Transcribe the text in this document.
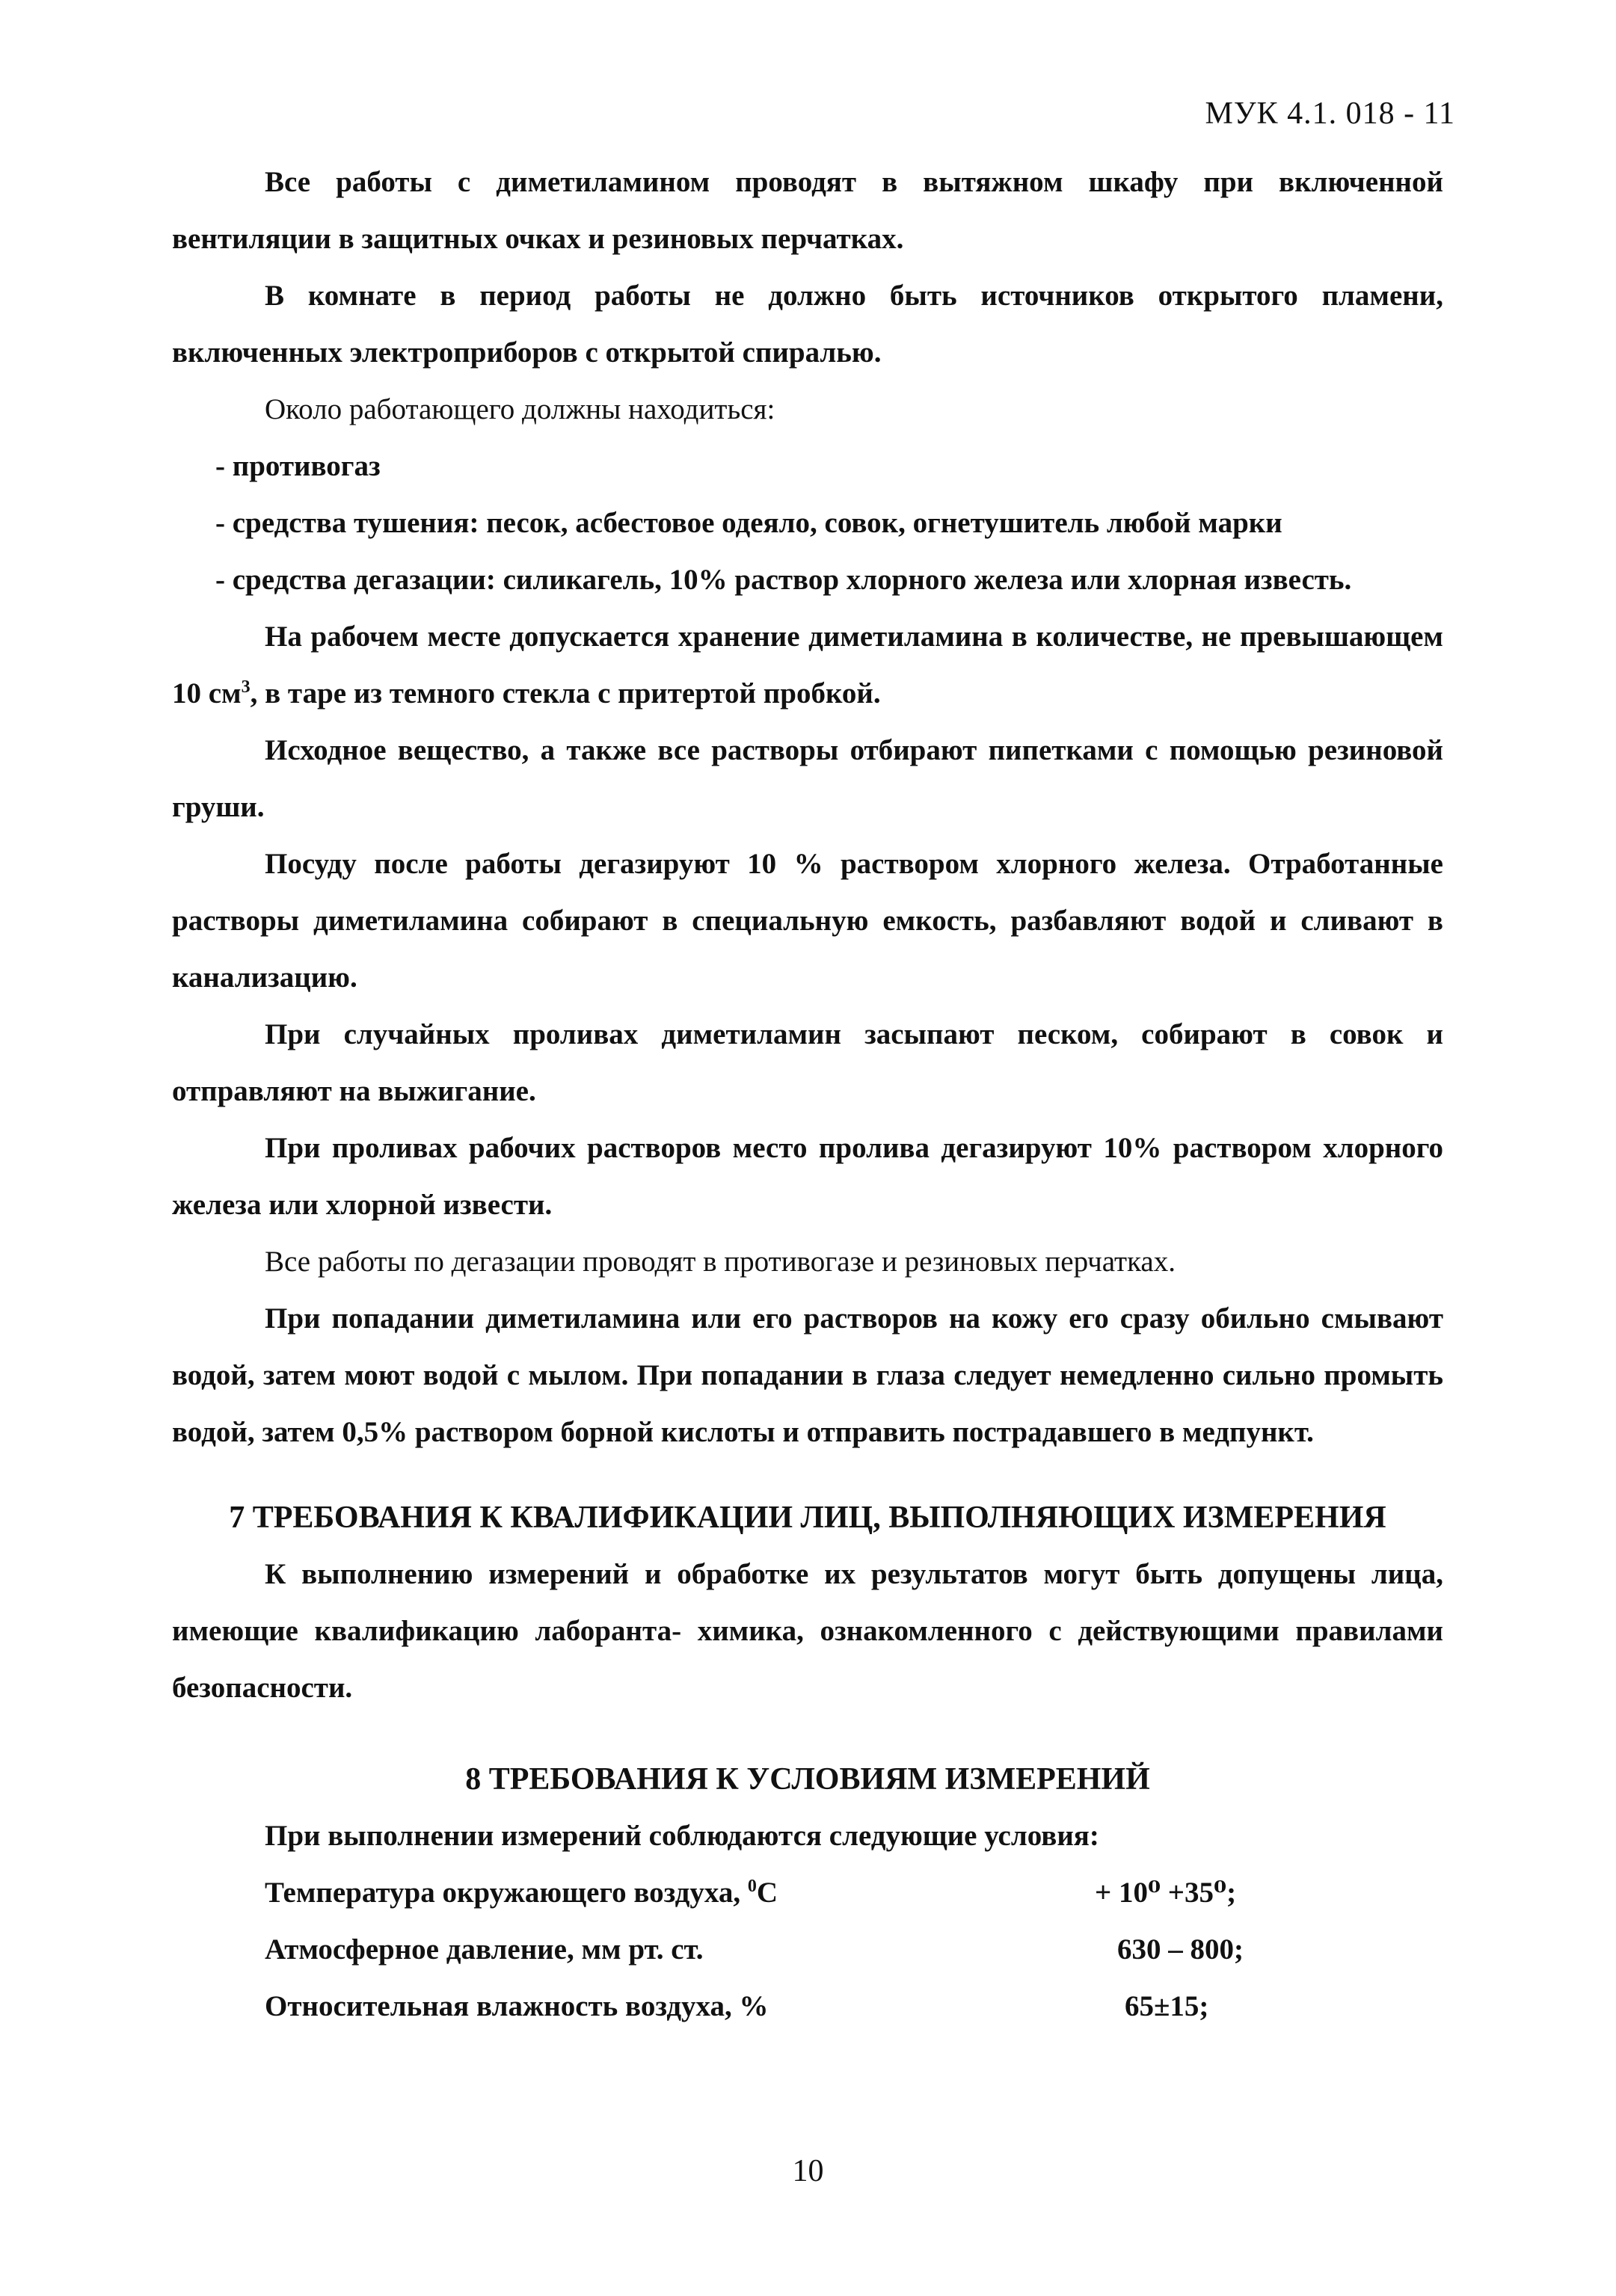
МУК 4.1. 018 - 11

Все работы с диметиламином проводят в вытяжном шкафу при включенной вентиляции в защитных очках и резиновых перчатках.

В комнате в период работы не должно быть источников открытого пламени, включенных электроприборов с открытой спиралью.

Около работающего должны находиться:

- противогаз

- средства тушения: песок, асбестовое одеяло, совок, огнетушитель любой марки

- средства дегазации: силикагель, 10% раствор хлорного железа или хлорная известь.

На рабочем месте допускается хранение диметиламина в количестве, не превышающем 10 $см^3$, в таре из темного стекла с притертой пробкой.

Исходное вещество, а также все растворы отбирают пипетками с помощью резиновой груши.

Посуду после работы дегазируют 10 % раствором хлорного железа. Отработанные растворы диметиламина собирают в специальную емкость, разбавляют водой и сливают в канализацию.

При случайных проливах диметиламин засыпают песком, собирают в совок и отправляют на выжигание.

При проливах рабочих растворов место пролива дегазируют 10% раствором хлорного железа или хлорной извести.

Все работы по дегазации проводят в противогазе и резиновых перчатках.

При попадании диметиламина или его растворов на кожу его сразу обильно смывают водой, затем моют водой с мылом. При попадании в глаза следует немедленно сильно промыть водой, затем 0,5% раствором борной кислоты и отправить пострадавшего в медпункт.

7 ТРЕБОВАНИЯ К КВАЛИФИКАЦИИ ЛИЦ, ВЫПОЛНЯЮЩИХ ИЗМЕРЕНИЯ

К выполнению измерений и обработке их результатов могут быть допущены лица, имеющие квалификацию лаборанта- химика, ознакомленного с действующими правилами безопасности.

8 ТРЕБОВАНИЯ К УСЛОВИЯМ ИЗМЕРЕНИЙ

При выполнении измерений соблюдаются следующие условия:

Температура окружающего воздуха, $^0$С	+ 10⁰ +35⁰;
Атмосферное давление, мм рт. ст.	630 – 800;
Относительная влажность воздуха, %	65±15;
10
